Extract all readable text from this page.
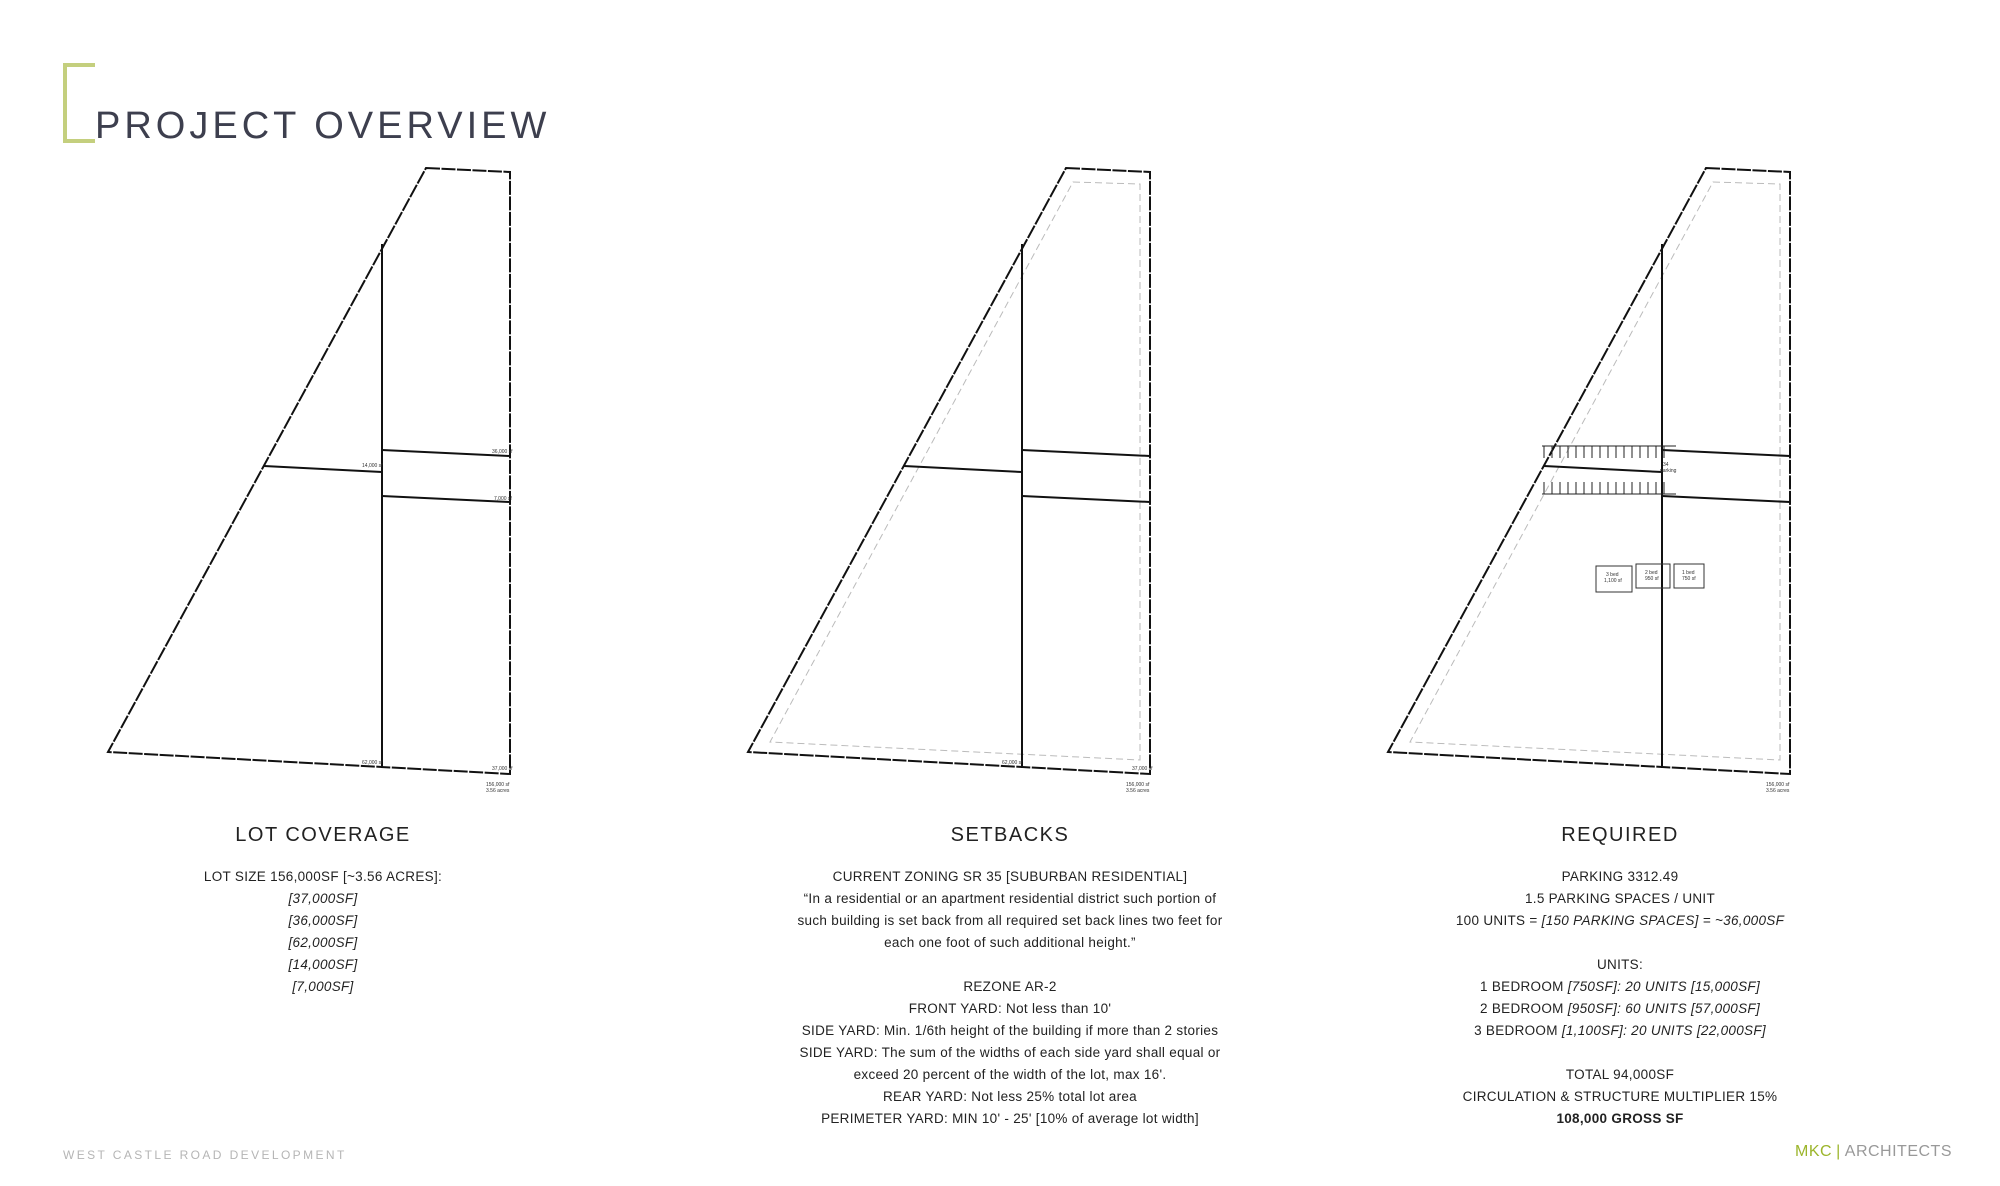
PROJECT OVERVIEW
36,000 sf
14,000 sf
7,000 sf
62,000 sf
37,000 sf
156,000 sf
3.56 acres
62,000 sf
37,000 sf
156,000 sf
3.56 acres
34
parking
3 bed
1,100 sf
2 bed
950 sf
1 bed
750 sf
156,000 sf
3.56 acres
LOT COVERAGE
LOT SIZE 156,000SF [~3.56 ACRES]:
[37,000SF]
[36,000SF]
[62,000SF]
[14,000SF]
[7,000SF]
SETBACKS
CURRENT ZONING SR 35 [SUBURBAN RESIDENTIAL]
“In a residential or an apartment residential district such portion of
such building is set back from all required set back lines two feet for
each one foot of such additional height.”
REZONE AR-2
FRONT YARD: Not less than 10'
SIDE YARD: Min. 1/6th height of the building if more than 2 stories
SIDE YARD: The sum of the widths of each side yard shall equal or
exceed 20 percent of the width of the lot, max 16'.
REAR YARD: Not less 25% total lot area
PERIMETER YARD: MIN 10' - 25' [10% of average lot width]
REQUIRED
PARKING 3312.49
1.5 PARKING SPACES / UNIT
100 UNITS = [150 PARKING SPACES] = ~36,000SF
UNITS:
1 BEDROOM [750SF]: 20 UNITS [15,000SF]
2 BEDROOM [950SF]: 60 UNITS [57,000SF]
3 BEDROOM [1,100SF]: 20 UNITS [22,000SF]
TOTAL 94,000SF
CIRCULATION & STRUCTURE MULTIPLIER 15%
108,000 GROSS SF
WEST CASTLE ROAD DEVELOPMENT	MKC | ARCHITECTS
